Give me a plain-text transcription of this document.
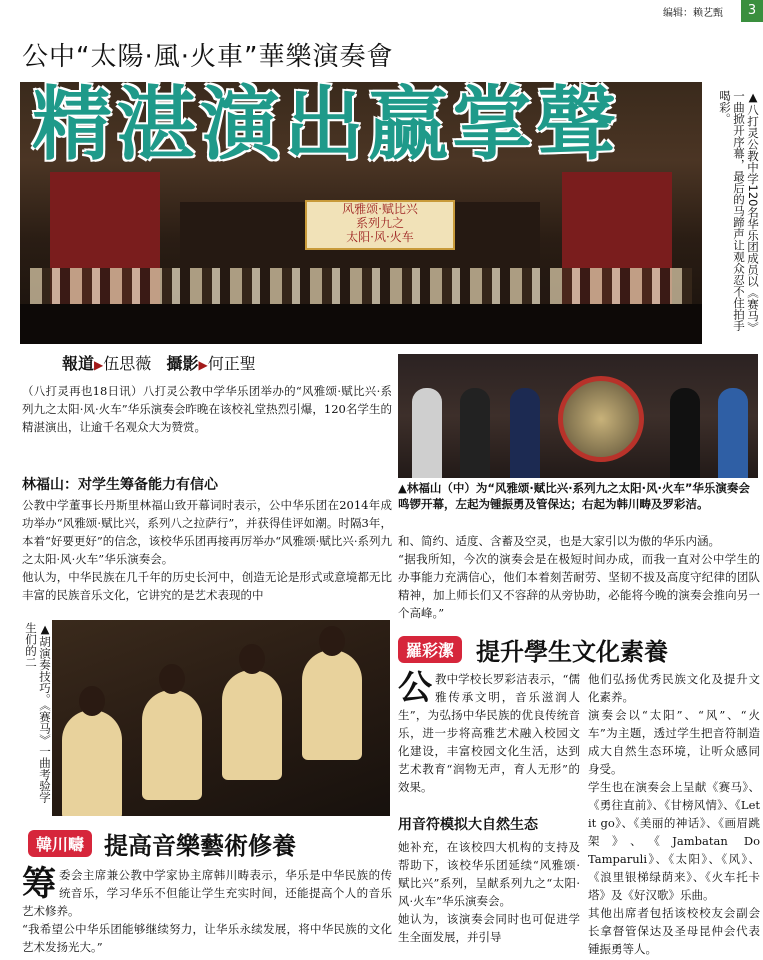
编辑：赖艺甄	3
公中“太陽·風·火車”華樂演奏會
风雅颂·赋比兴
系列九之
太阳·风·火车
精湛演出赢掌聲	▲八打灵公教中学120名华乐团成员以《赛马》一曲掀开序幕，最后的马蹄声让观众忍不住拍手喝彩。
報道▶伍思薇 攝影▶何正聖
（八打灵再也18日讯）八打灵公教中学华乐团举办的“风雅颂·赋比兴·系列九之太阳·风·火车”华乐演奏会昨晚在该校礼堂热烈引爆，120名学生的精湛演出，让逾千名观众大为赞赏。
林福山：对学生筹备能力有信心
公教中学董事长丹斯里林福山致开幕词时表示，公中华乐团在2014年成功举办“风雅颂·赋比兴，系列八之拉萨行”，并获得佳评如潮。时隔3年，本着“好要更好”的信念，该校华乐团再接再厉举办“风雅颂·赋比兴·系列九之太阳·风·火车”华乐演奏会。
他认为，中华民族在几千年的历史长河中，创造无论是形式或意境都无比丰富的民族音乐文化，它讲究的是艺术表现的中
▲林福山（中）为“风雅颂·赋比兴·系列九之太阳·风·火车”华乐演奏会鸣锣开幕，左起为锺振勇及管保达；右起为韩川畴及罗彩洁。
和、简约、适度、含蓄及空灵，也是大家引以为傲的华乐内涵。
“据我所知，今次的演奏会是在极短时间办成，而我一直对公中学生的办事能力充满信心，他们本着刻苦耐劳、坚韧不拔及高度守纪律的团队精神，加上师长们又不容辞的从旁协助，必能将今晚的演奏会推向另一个高峰。”
▲胡演奏技巧。《赛马》一曲考验学生们的二
韓川疇 提高音樂藝術修養
筹 委会主席兼公教中学家协主席韩川畴表示，华乐是中华民族的传统音乐，学习华乐不但能让学生充实时间，还能提高个人的音乐艺术修养。
“我希望公中华乐团能够继续努力，让华乐永续发展，将中华民族的文化艺术发扬光大。”
羅彩潔 提升學生文化素養
公 教中学校长罗彩洁表示，“儒雅传承文明，音乐滋润人生”，为弘扬中华民族的优良传统音乐，进一步将高雅艺术融入校园文化建设，丰富校园文化生活，达到艺术教育“润物无声，育人无形”的效果。
用音符模拟大自然生态
她补充，在该校四大机构的支持及帮助下，该校华乐团延续“风雅颂·赋比兴”系列，呈献系列九之“太阳·风·火车”华乐演奏会。
她认为，该演奏会同时也可促进学生全面发展，并引导
他们弘扬优秀民族文化及提升文化素养。
演奏会以“太阳”、“风”、“火车”为主题，透过学生把音符制造成大自然生态环境，让听众感同身受。
学生也在演奏会上呈献《赛马》、《勇往直前》、《甘榜风情》、《Let it go》、《美丽的神话》、《画眉跳架》、《Jambatan Do Tamparuli》、《太阳》、《风》、《浪里银梯绿荫来》、《火车托卡塔》及《好汉歌》乐曲。
其他出席者包括该校校友会副会长拿督管保达及圣母昆仲会代表锺振勇等人。
